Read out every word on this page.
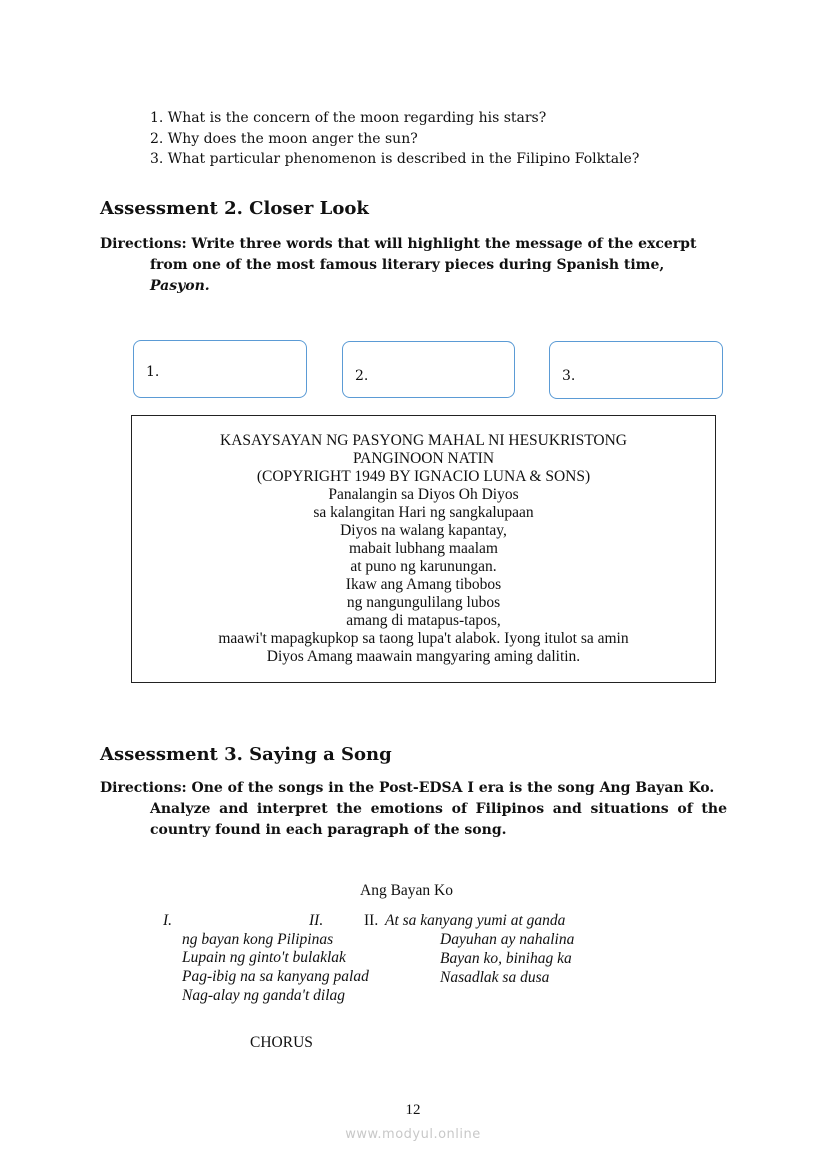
1. What is the concern of the moon regarding his stars?
2. Why does the moon anger the sun?
3. What particular phenomenon is described in the Filipino Folktale?
Assessment 2. Closer Look
Directions: Write three words that will highlight the message of the excerpt
from one of the most famous literary pieces during Spanish time,
Pasyon.
1.	2.	3.
KASAYSAYAN NG PASYONG MAHAL NI HESUKRISTONG
PANGINOON NATIN
(COPYRIGHT 1949 BY IGNACIO LUNA & SONS)
Panalangin sa Diyos Oh Diyos
sa kalangitan Hari ng sangkalupaan
Diyos na walang kapantay,
mabait lubhang maalam
at puno ng karunungan.
Ikaw ang Amang tibobos
ng nangungulilang lubos
amang di matapus-tapos,
maawi't mapagkupkop sa taong lupa't alabok. Iyong itulot sa amin
Diyos Amang maawain mangyaring aming dalitin.
Assessment 3. Saying a Song
Directions: One of the songs in the Post-EDSA I era is the song Ang Bayan Ko.
Analyze and interpret the emotions of Filipinos and situations of the
country found in each paragraph of the song.
Ang Bayan Ko
I.	II.	II. At sa kanyang yumi at ganda
ng bayan kong Pilipinas
Lupain ng ginto't bulaklak
Pag-ibig na sa kanyang palad
Nag-alay ng ganda't dilag
Dayuhan ay nahalina
Bayan ko, binihag ka
Nasadlak sa dusa
CHORUS
12
www.modyul.online
